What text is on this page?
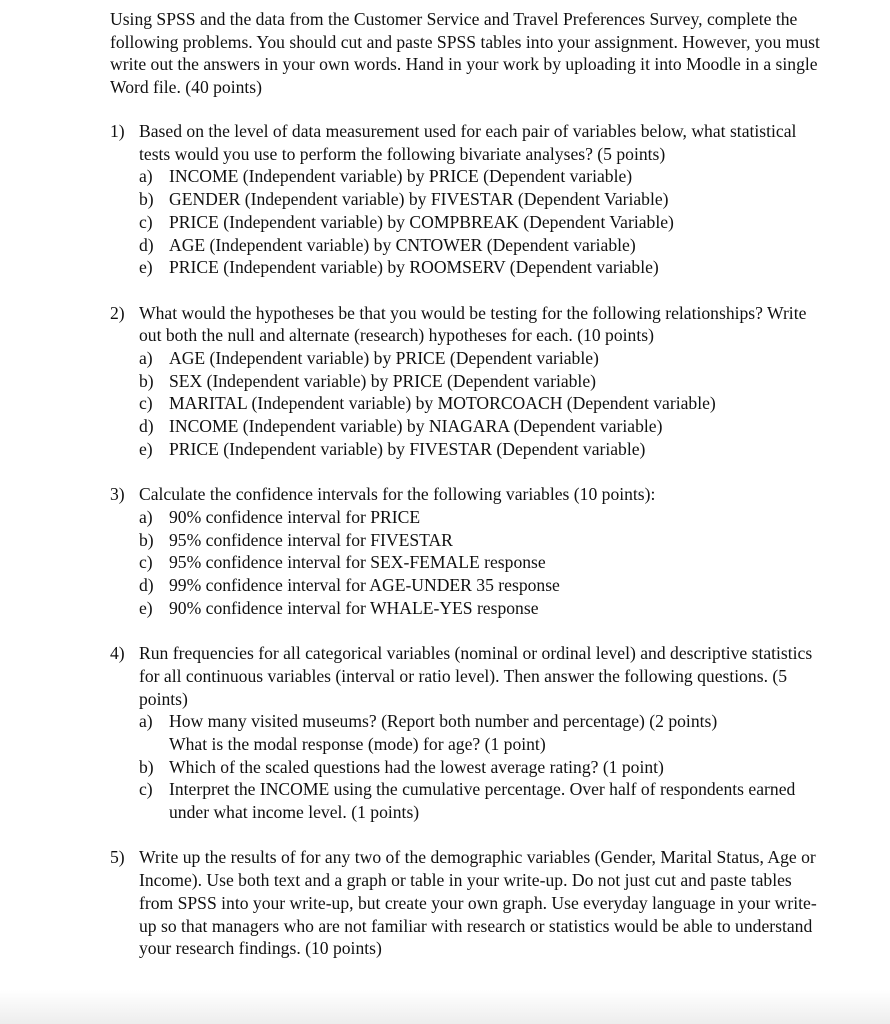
Using SPSS and the data from the Customer Service and Travel Preferences Survey, complete the following problems. You should cut and paste SPSS tables into your assignment. However, you must write out the answers in your own words. Hand in your work by uploading it into Moodle in a single Word file. (40 points)
1) Based on the level of data measurement used for each pair of variables below, what statistical tests would you use to perform the following bivariate analyses? (5 points)
a) INCOME (Independent variable) by PRICE (Dependent variable)
b) GENDER (Independent variable) by FIVESTAR (Dependent Variable)
c) PRICE (Independent variable) by COMPBREAK (Dependent Variable)
d) AGE (Independent variable) by CNTOWER (Dependent variable)
e) PRICE (Independent variable) by ROOMSERV (Dependent variable)
2) What would the hypotheses be that you would be testing for the following relationships? Write out both the null and alternate (research) hypotheses for each. (10 points)
a) AGE (Independent variable) by PRICE (Dependent variable)
b) SEX (Independent variable) by PRICE (Dependent variable)
c) MARITAL (Independent variable) by MOTORCOACH (Dependent variable)
d) INCOME (Independent variable) by NIAGARA (Dependent variable)
e) PRICE (Independent variable) by FIVESTAR (Dependent variable)
3) Calculate the confidence intervals for the following variables (10 points):
a) 90% confidence interval for PRICE
b) 95% confidence interval for FIVESTAR
c) 95% confidence interval for SEX-FEMALE response
d) 99% confidence interval for AGE-UNDER 35 response
e) 90% confidence interval for WHALE-YES response
4) Run frequencies for all categorical variables (nominal or ordinal level) and descriptive statistics for all continuous variables (interval or ratio level). Then answer the following questions. (5 points)
a) How many visited museums? (Report both number and percentage) (2 points)
What is the modal response (mode) for age? (1 point)
b) Which of the scaled questions had the lowest average rating? (1 point)
c) Interpret the INCOME using the cumulative percentage. Over half of respondents earned under what income level. (1 points)
5) Write up the results of for any two of the demographic variables (Gender, Marital Status, Age or Income). Use both text and a graph or table in your write-up. Do not just cut and paste tables from SPSS into your write-up, but create your own graph. Use everyday language in your write-up so that managers who are not familiar with research or statistics would be able to understand your research findings. (10 points)
